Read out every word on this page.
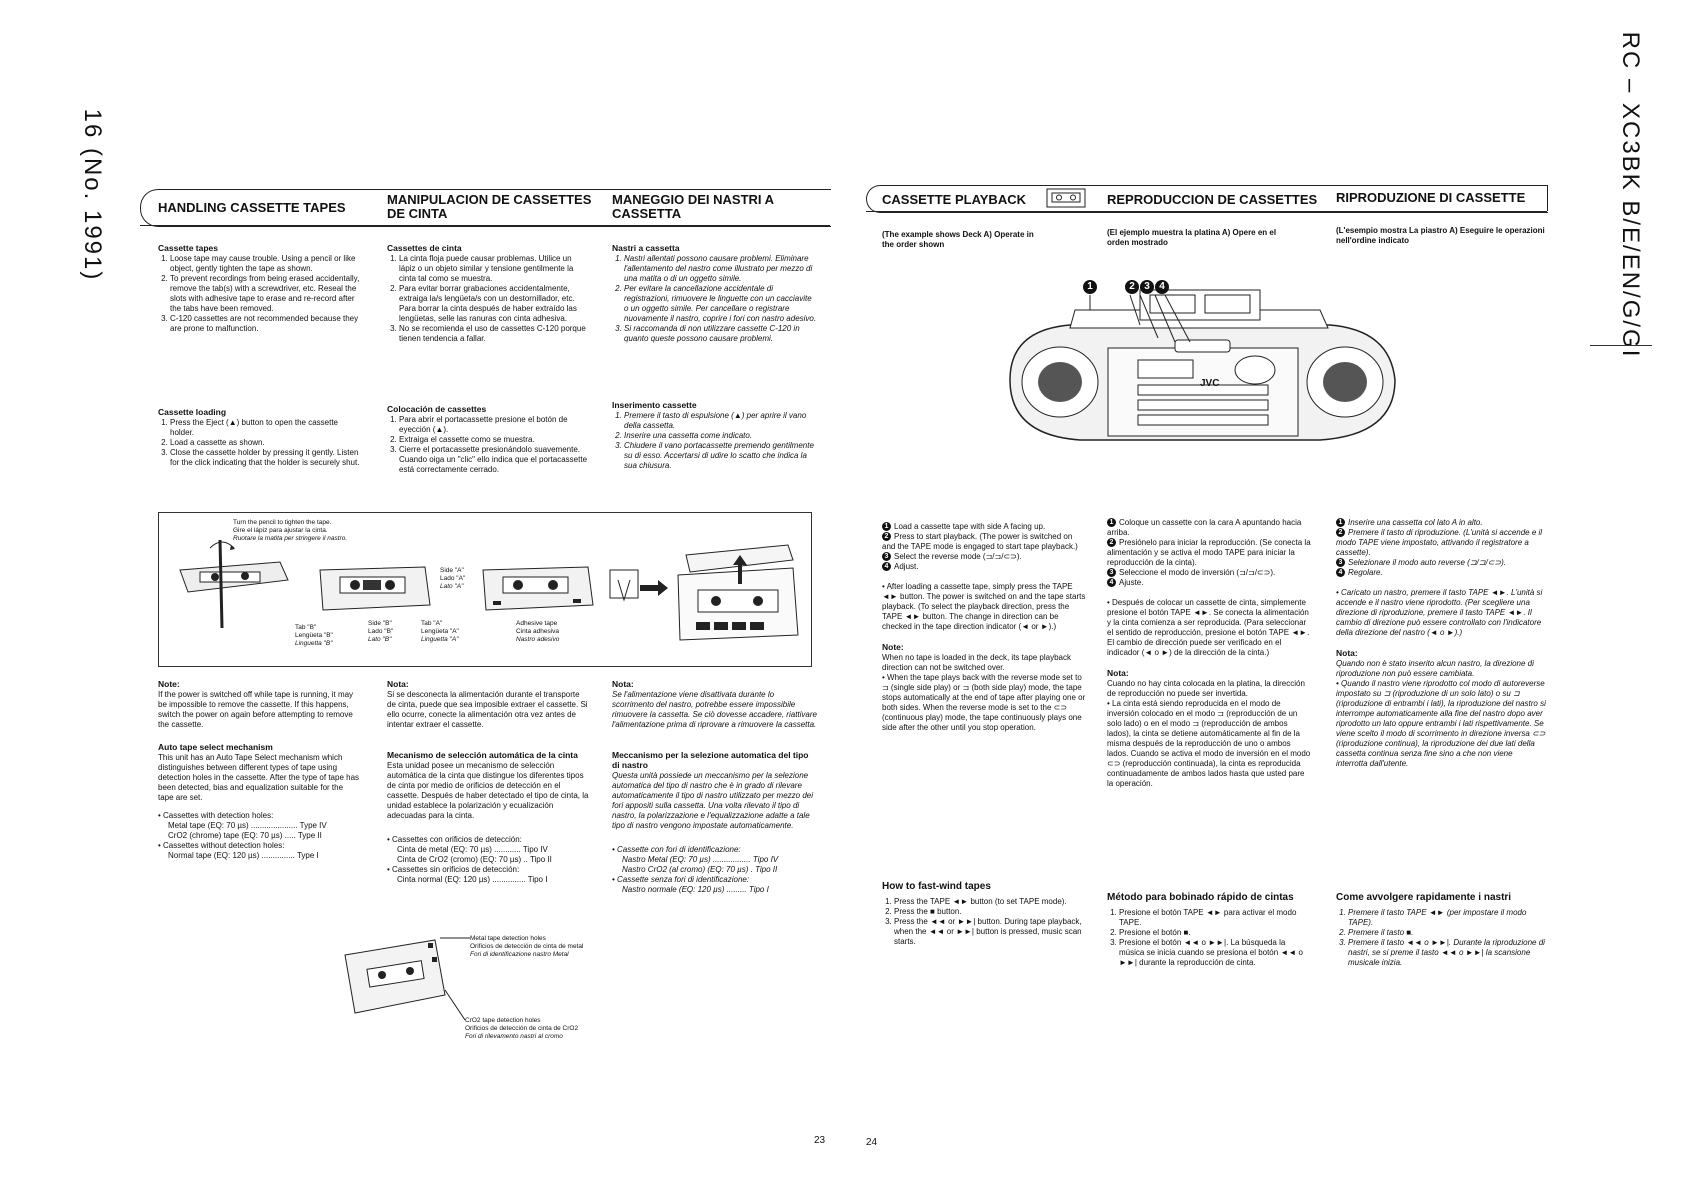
16 (No. 1991)	RC – XC3BK B/E/EN/G/GI
HANDLING CASSETTE TAPES
MANIPULACION DE CASSETTES DE CINTA
MANEGGIO DEI NASTRI A CASSETTA
Cassette tapes
1. Loose tape may cause trouble. Using a pencil or like object, gently tighten the tape as shown.
2. To prevent recordings from being erased accidentally, remove the tab(s) with a screwdriver, etc. Reseal the slots with adhesive tape to erase and re-record after the tabs have been removed.
3. C-120 cassettes are not recommended because they are prone to malfunction.
Cassettes de cinta
1. La cinta floja puede causar problemas. Utilice un lápiz o un objeto similar y tensione gentilmente la cinta tal como se muestra.
2. Para evitar borrar grabaciones accidentalmente, extraiga la/s lengüeta/s con un destornillador, etc. Para borrar la cinta después de haber extraído las lengüetas, selle las ranuras con cinta adhesiva.
3. No se recomienda el uso de cassettes C-120 porque tienen tendencia a fallar.
Nastri a cassetta
1. Nastri allentati possono causare problemi. Eliminare l'allentamento del nastro come illustrato per mezzo di una matita o di un oggetto simile.
2. Per evitare la cancellazione accidentale di registrazioni, rimuovere le linguette con un cacciavite o un oggetto simile. Per cancellare o registrare nuovamente il nastro, coprire i fori con nastro adesivo.
3. Si raccomanda di non utilizzare cassette C-120 in quanto queste possono causare problemi.
Cassette loading
1. Press the Eject (▲) button to open the cassette holder.
2. Load a cassette as shown.
3. Close the cassette holder by pressing it gently. Listen for the click indicating that the holder is securely shut.
Colocación de cassettes
1. Para abrir el portacassette presione el botón de eyección (▲).
2. Extraiga el cassette como se muestra.
3. Cierre el portacassette presionándolo suavemente. Cuando oiga un "clic" ello indica que el portacassette está correctamente cerrado.
Inserimento cassette
1. Premere il tasto di espulsione (▲) per aprire il vano della cassetta.
2. Inserire una cassetta come indicato.
3. Chiudere il vano portacassette premendo gentilmente su di esso. Accertarsi di udire lo scatto che indica la sua chiusura.
Turn the pencil to tighten the tape.
Gire el lápiz para ajustar la cinta.
Ruotare la matita per stringere il nastro.
Side "A"
Lado "A"
Lato "A"
Tab "B"
Lengüeta "B"
Linguetta "B"
Side "B"
Lado "B"
Lato "B"
Tab "A"
Lengüeta "A"
Linguetta "A"
Adhesive tape
Cinta adhesiva
Nastro adesivo
Note:

If the power is switched off while tape is running, it may be impossible to remove the cassette. If this happens, switch the power on again before attempting to remove the cassette.

Nota:

Si se desconecta la alimentación durante el transporte de cinta, puede que sea imposible extraer el cassette. Si ello ocurre, conecte la alimentación otra vez antes de intentar extraer el cassette.

Nota:

Se l'alimentazione viene disattivata durante lo scorrimento del nastro, potrebbe essere impossibile rimuovere la cassetta. Se ciò dovesse accadere, riattivare l'alimentazione prima di riprovare a rimuovere la cassetta.

Auto tape select mechanism

This unit has an Auto Tape Select mechanism which distinguishes between different types of tape using detection holes in the cassette. After the type of tape has been detected, bias and equalization suitable for the tape are set.

• Cassettes with detection holes:
Metal tape (EQ: 70 µs) ..................... Type IV
CrO2 (chrome) tape (EQ: 70 µs) ..... Type II
• Cassettes without detection holes:
Normal tape (EQ: 120 µs) ............... Type I
Mecanismo de selección automática de la cinta

Esta unidad posee un mecanismo de selección automática de la cinta que distingue los diferentes tipos de cinta por medio de orificios de detección en el cassette. Después de haber detectado el tipo de cinta, la unidad establece la polarización y ecualización adecuadas para la cinta.

• Cassettes con orificios de detección:
Cinta de metal (EQ: 70 µs) ............ Tipo IV
Cinta de CrO2 (cromo) (EQ: 70 µs) .. Tipo II
• Cassettes sin orificios de detección:
Cinta normal (EQ: 120 µs) ............... Tipo I
Meccanismo per la selezione automatica del tipo di nastro

Questa unità possiede un meccanismo per la selezione automatica del tipo di nastro che è in grado di rilevare automaticamente il tipo di nastro utilizzato per mezzo dei fori appositi sulla cassetta. Una volta rilevato il tipo di nastro, la polarizzazione e l'equalizzazione adatte a tale tipo di nastro vengono impostate automaticamente.

• Cassette con fori di identificazione:
Nastro Metal (EQ: 70 µs) ................. Tipo IV
Nastro CrO2 (al cromo) (EQ: 70 µs) . Tipo II
• Cassette senza fori di identificazione:
Nastro normale (EQ: 120 µs) ......... Tipo I
Metal tape detection holes
Orificios de detección de cinta de metal
Fori di identificazione nastro Metal
CrO2 tape detection holes
Orificios de detección de cinta de CrO2
Fori di rilevamento nastri al cromo
23
CASSETTE PLAYBACK	REPRODUCCION DE CASSETTES RIPRODUZIONE DI CASSETTE
(The example shows Deck A) Operate in the order shown
(El ejemplo muestra la platina A) Opere en el orden mostrado
(L'esempio mostra La piastro A) Eseguire le operazioni nell'ordine indicato
JVC
1	2 3 4
1 Load a cassette tape with side A facing up.
2 Press to start playback. (The power is switched on and the TAPE mode is engaged to start tape playback.)
3 Select the reverse mode (⊐/⊐/⊂⊃).
4 Adjust.
• After loading a cassette tape, simply press the TAPE ◄► button. The power is switched on and the tape starts playback. (To select the playback direction, press the TAPE ◄► button. The change in direction can be checked in the tape direction indicator (◄ or ►).)
Note:

When no tape is loaded in the deck, its tape playback direction can not be switched over.

• When the tape plays back with the reverse mode set to ⊐ (single side play) or ⊐ (both side play) mode, the tape stops automatically at the end of tape after playing one or both sides. When the reverse mode is set to the ⊂⊃ (continuous play) mode, the tape continuously plays one side after the other until you stop operation.
1 Coloque un cassette con la cara A apuntando hacia arriba.
2 Presiónelo para iniciar la reproducción. (Se conecta la alimentación y se activa el modo TAPE para iniciar la reproducción de la cinta).
3 Seleccione el modo de inversión (⊐/⊐/⊂⊃).
4 Ajuste.
• Después de colocar un cassette de cinta, simplemente presione el botón TAPE ◄►. Se conecta la alimentación y la cinta comienza a ser reproducida. (Para seleccionar el sentido de reproducción, presione el botón TAPE ◄►. El cambio de dirección puede ser verificado en el indicador (◄ o ►) de la dirección de la cinta.)
Nota:

Cuando no hay cinta colocada en la platina, la dirección de reproducción no puede ser invertida.

• La cinta está siendo reproducida en el modo de inversión colocado en el modo ⊐ (reproducción de un solo lado) o en el modo ⊐ (reproducción de ambos lados), la cinta se detiene automáticamente al fin de la misma después de la reproducción de uno o ambos lados. Cuando se activa el modo de inversión en el modo ⊂⊃ (reproducción continuada), la cinta es reproducida continuadamente de ambos lados hasta que usted pare la operación.
1 Inserire una cassetta col lato A in alto.
2 Premere il tasto di riproduzione. (L'unità si accende e il modo TAPE viene impostato, attivando il registratore a cassette).
3 Selezionare il modo auto reverse (⊐/⊐/⊂⊃).
4 Regolare.
• Caricato un nastro, premere il tasto TAPE ◄►. L'unità si accende e il nastro viene riprodotto. (Per scegliere una direzione di riproduzione, premere il tasto TAPE ◄►. Il cambio di direzione può essere controllato con l'indicatore della direzione del nastro (◄ o ►).)
Nota:

Quando non è stato inserito alcun nastro, la direzione di riproduzione non può essere cambiata.

• Quando il nastro viene riprodotto col modo di autoreverse impostato su ⊐ (riproduzione di un solo lato) o su ⊐ (riproduzione di entrambi i lati), la riproduzione del nastro si interrompe automaticamente alla fine del nastro dopo aver riprodotto un lato oppure entrambi i lati rispettivamente. Se viene scelto il modo di scorrimento in direzione inversa ⊂⊃ (riproduzione continua), la riproduzione dei due lati della cassetta continua senza fine sino a che non viene interrotta dall'utente.
How to fast-wind tapes
1. Press the TAPE ◄► button (to set TAPE mode).
2. Press the ■ button.
3. Press the ◄◄ or ►►| button. During tape playback, when the ◄◄ or ►►| button is pressed, music scan starts.
Método para bobinado rápido de cintas
1. Presione el botón TAPE ◄► para activar el modo TAPE.
2. Presione el botón ■.
3. Presione el botón ◄◄ o ►►|. La búsqueda la música se inicia cuando se presiona el botón ◄◄ o ►►| durante la reproducción de cinta.
Come avvolgere rapidamente i nastri
1. Premere il tasto TAPE ◄► (per impostare il modo TAPE).
2. Premere il tasto ■.
3. Premere il tasto ◄◄ o ►►|. Durante la riproduzione di nastri, se si preme il tasto ◄◄ o ►►| la scansione musicale inizia.
24
